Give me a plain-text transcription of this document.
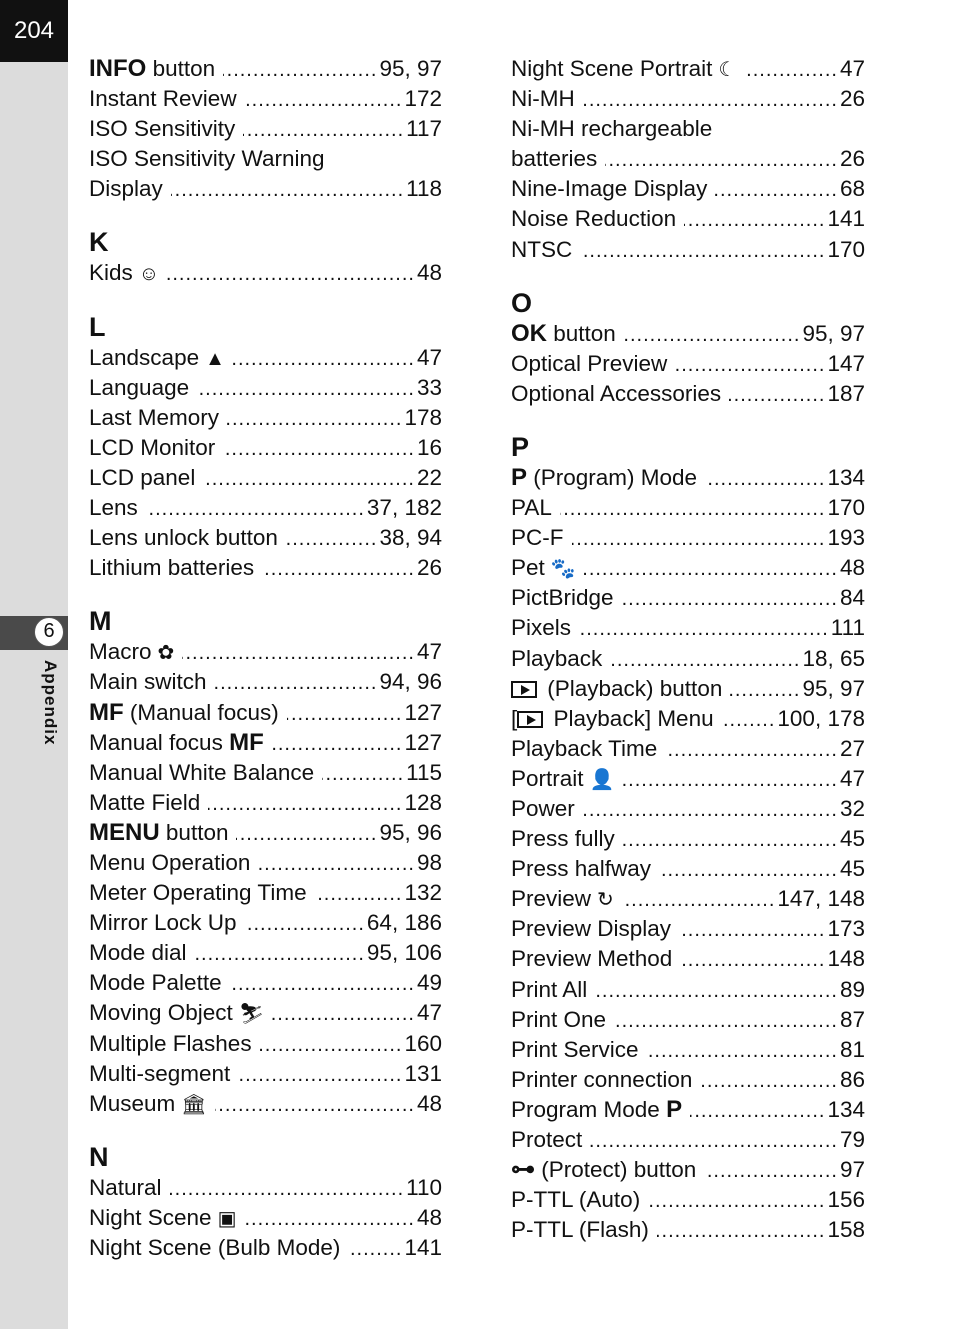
204
6
Appendix
INFO button .....	95, 97
Instant Review .....	172
ISO Sensitivity .....	117
ISO Sensitivity Warning
Display .....	118
K
Kids ☺ .....	48
L
Landscape ▲ .....	47
Language .....	33
Last Memory .....	178
LCD Monitor .....	16
LCD panel .....	22
Lens .....	37, 182
Lens unlock button .....	38, 94
Lithium batteries .....	26
M
Macro ✿ .....	47
Main switch .....	94, 96
MF (Manual focus) .....	127
Manual focus MF .....	127
Manual White Balance .....	115
Matte Field .....	128
MENU button .....	95, 96
Menu Operation .....	98
Meter Operating Time .....	132
Mirror Lock Up .....	64, 186
Mode dial .....	95, 106
Mode Palette .....	49
Moving Object ⛷ .....	47
Multiple Flashes .....	160
Multi-segment .....	131
Museum 🏛 .....	48
N
Natural .....	110
Night Scene ▣ .....	48
Night Scene (Bulb Mode) .....	141
Night Scene Portrait ☾ .....	47
Ni-MH .....	26
Ni-MH rechargeable
batteries .....	26
Nine-Image Display .....	68
Noise Reduction .....	141
NTSC .....	170
O
OK button .....	95, 97
Optical Preview .....	147
Optional Accessories .....	187
P
P (Program) Mode .....	134
PAL .....	170
PC-F .....	193
Pet 🐾 .....	48
PictBridge .....	84
Pixels .....	111
Playback .....	18, 65
(Playback) button .....	95, 97
[ Playback] Menu .....	100, 178
Playback Time .....	27
Portrait 👤 .....	47
Power .....	32
Press fully .....	45
Press halfway .....	45
Preview ↻ .....	147, 148
Preview Display .....	173
Preview Method .....	148
Print All .....	89
Print One .....	87
Print Service .....	81
Printer connection .....	86
Program Mode P .....	134
Protect .....	79
⊶ (Protect) button .....	97
P-TTL (Auto) .....	156
P-TTL (Flash) .....	158
